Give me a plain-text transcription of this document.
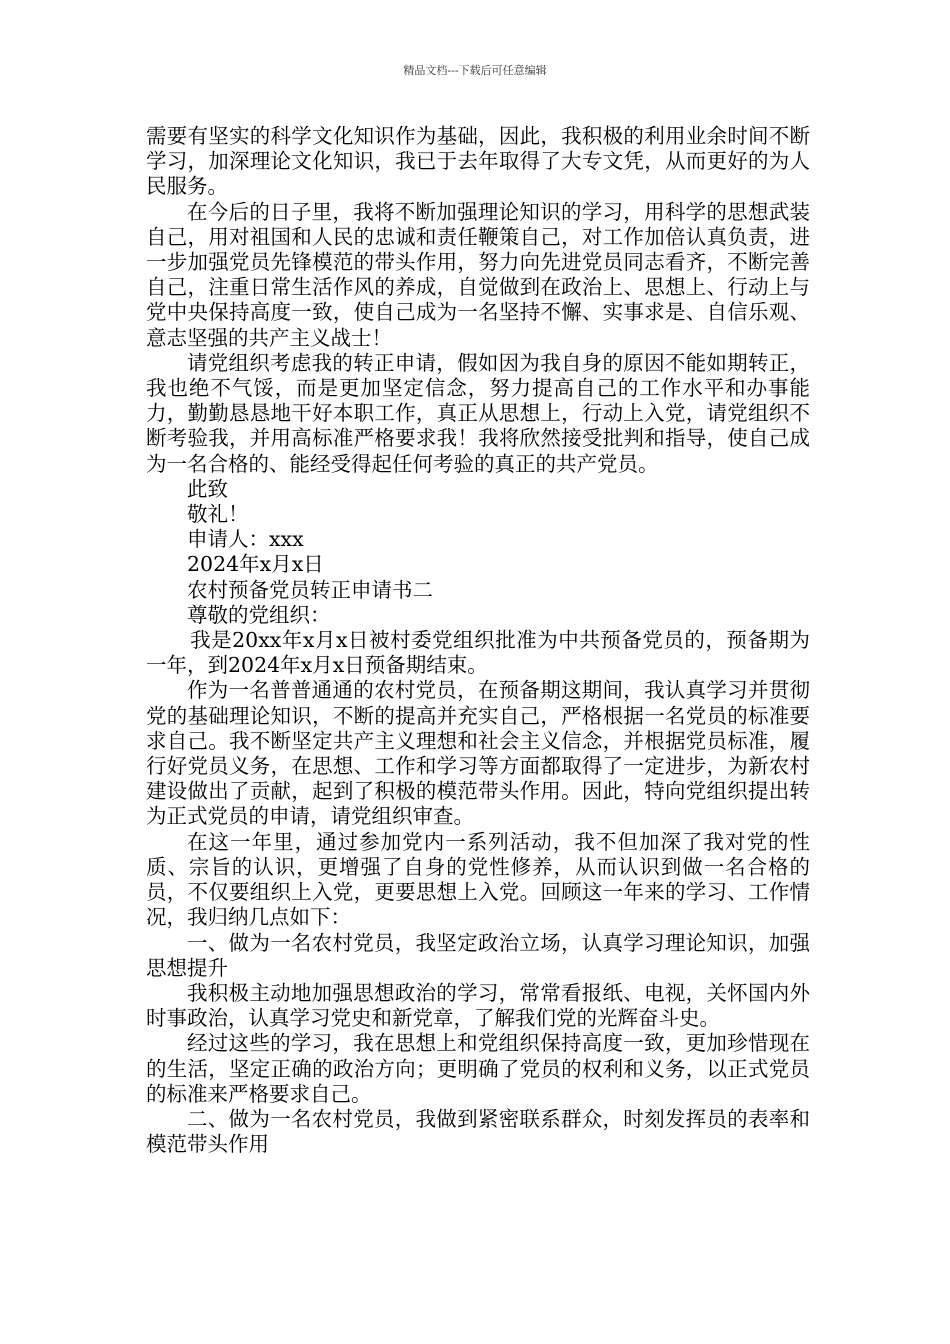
精品文档---下载后可任意编辑

需要有坚实的科学文化知识作为基础，因此，我积极的利用业余时间不断学习，加深理论文化知识，我已于去年取得了大专文凭，从而更好的为人民服务。

在今后的日子里，我将不断加强理论知识的学习，用科学的思想武装自己，用对祖国和人民的忠诚和责任鞭策自己，对工作加倍认真负责，进一步加强党员先锋模范的带头作用，努力向先进党员同志看齐，不断完善自己，注重日常生活作风的养成，自觉做到在政治上、思想上、行动上与党中央保持高度一致，使自己成为一名坚持不懈、实事求是、自信乐观、意志坚强的共产主义战士！

请党组织考虑我的转正申请，假如因为我自身的原因不能如期转正，我也绝不气馁，而是更加坚定信念，努力提高自己的工作水平和办事能力，勤勤恳恳地干好本职工作，真正从思想上，行动上入党，请党组织不断考验我，并用高标准严格要求我！我将欣然接受批判和指导，使自己成为一名合格的、能经受得起任何考验的真正的共产党员。

此致

敬礼！

申请人：xxx

2024年x月x日

农村预备党员转正申请书二

尊敬的党组织：

我是20xx年x月x日被村委党组织批准为中共预备党员的，预备期为一年，到2024年x月x日预备期结束。

作为一名普普通通的农村党员，在预备期这期间，我认真学习并贯彻党的基础理论知识，不断的提高并充实自己，严格根据一名党员的标准要求自己。我不断坚定共产主义理想和社会主义信念，并根据党员标准，履行好党员义务，在思想、工作和学习等方面都取得了一定进步，为新农村建设做出了贡献，起到了积极的模范带头作用。因此，特向党组织提出转为正式党员的申请，请党组织审查。

在这一年里，通过参加党内一系列活动，我不但加深了我对党的性质、宗旨的认识，更增强了自身的党性修养，从而认识到做一名合格的员，不仅要组织上入党，更要思想上入党。回顾这一年来的学习、工作情况，我归纳几点如下：

一、做为一名农村党员，我坚定政治立场，认真学习理论知识，加强思想提升

我积极主动地加强思想政治的学习，常常看报纸、电视，关怀国内外时事政治，认真学习党史和新党章，了解我们党的光辉奋斗史。

经过这些的学习，我在思想上和党组织保持高度一致，更加珍惜现在的生活，坚定正确的政治方向；更明确了党员的权利和义务，以正式党员的标准来严格要求自己。

二、做为一名农村党员，我做到紧密联系群众，时刻发挥员的表率和模范带头作用
